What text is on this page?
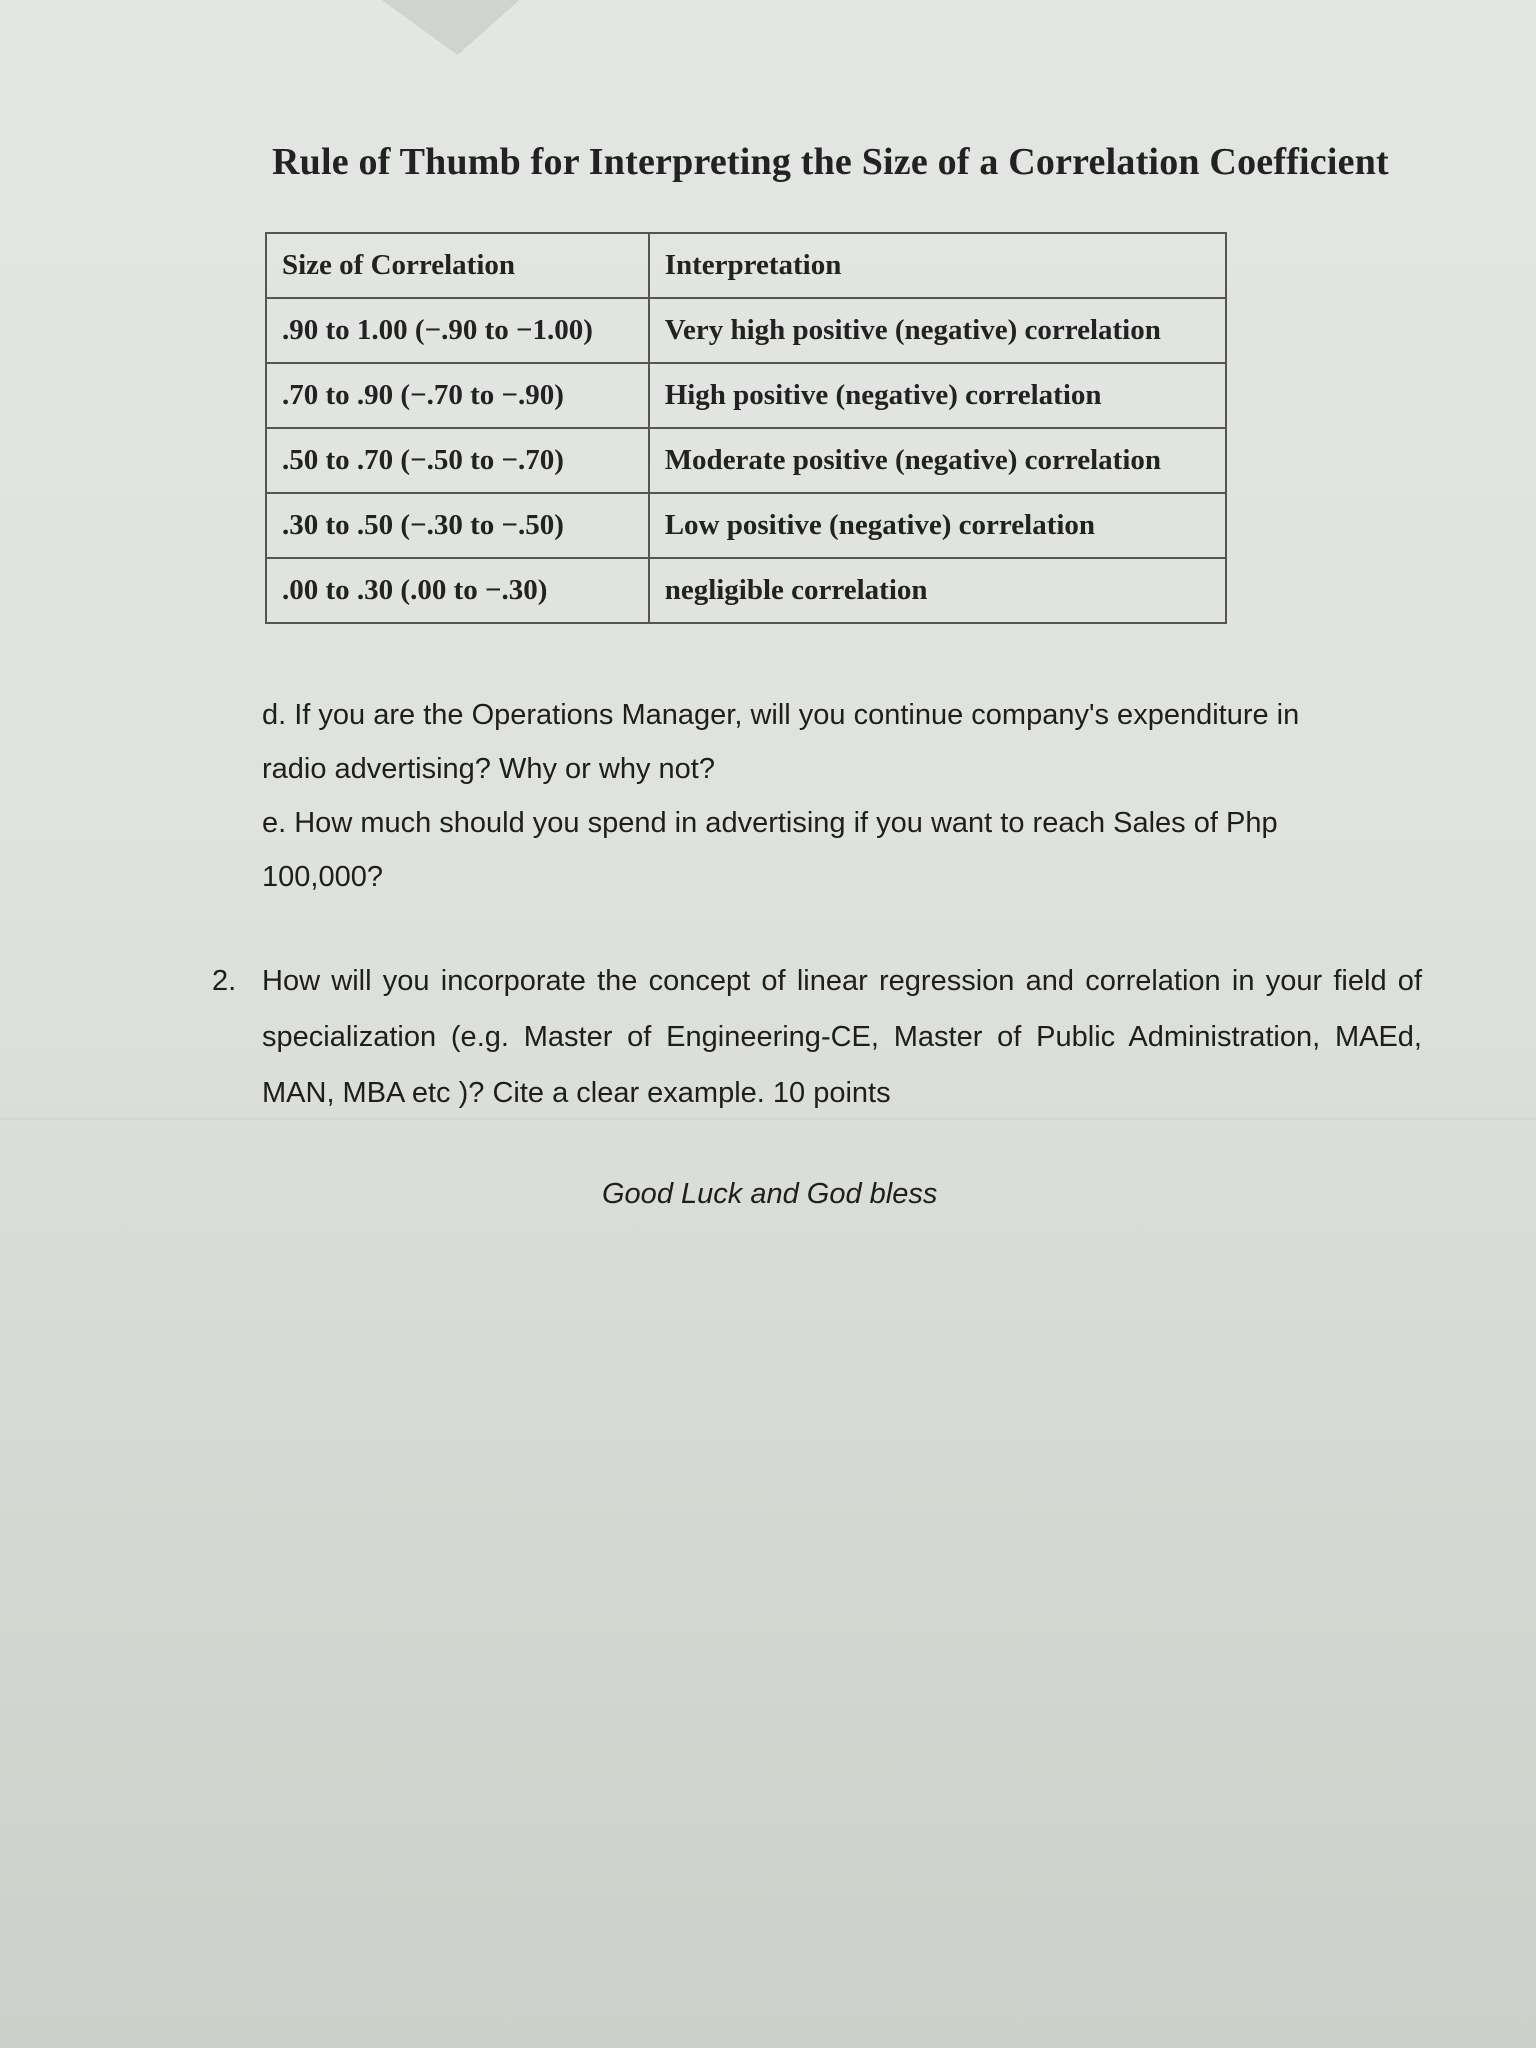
Rule of Thumb for Interpreting the Size of a Correlation Coefficient
Size of Correlation	Interpretation
.90 to 1.00 (−.90 to −1.00)	Very high positive (negative) correlation
.70 to .90 (−.70 to −.90)	High positive (negative) correlation
.50 to .70 (−.50 to −.70)	Moderate positive (negative) correlation
.30 to .50 (−.30 to −.50)	Low positive (negative) correlation
.00 to .30 (.00 to −.30)	negligible correlation
d. If you are the Operations Manager, will you continue company's expenditure in
radio advertising? Why or why not?
e. How much should you spend in advertising if you want to reach Sales of Php
100,000?
2. How will you incorporate the concept of linear regression and correlation in your field of specialization (e.g. Master of Engineering-CE, Master of Public Administration, MAEd, MAN, MBA etc )? Cite a clear example. 10 points
Good Luck and God bless
